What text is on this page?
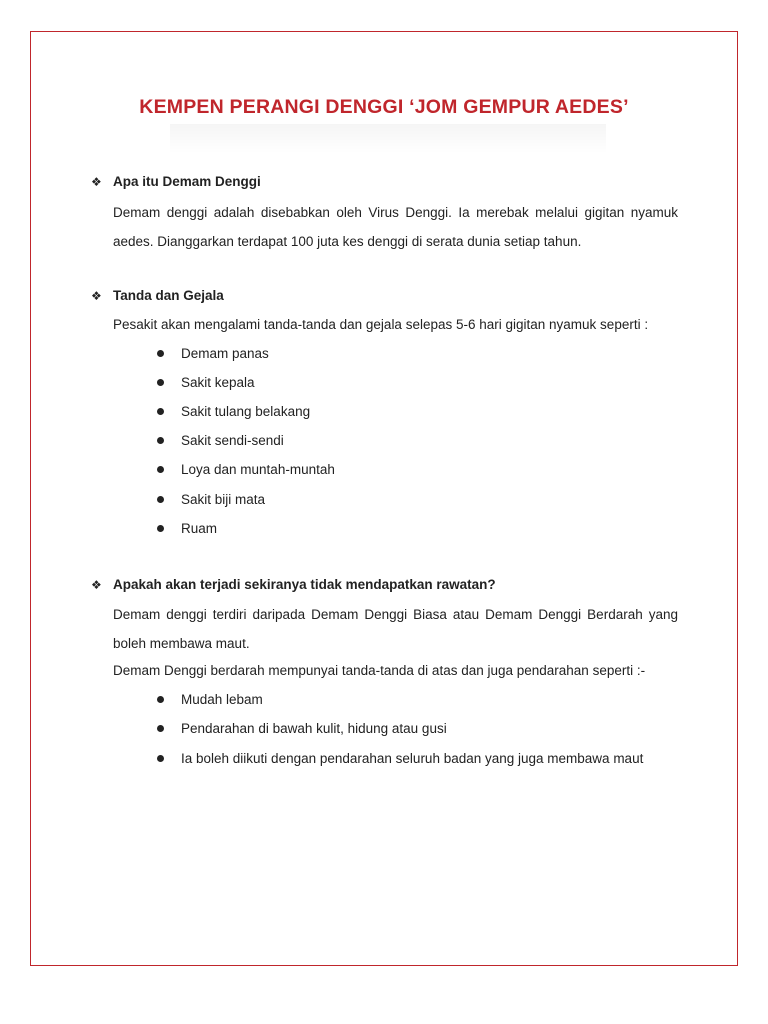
KEMPEN PERANGI DENGGI ‘JOM GEMPUR AEDES’
❖ Apa itu Demam Denggi
Demam denggi adalah disebabkan oleh Virus Denggi. Ia merebak melalui gigitan nyamuk aedes. Dianggarkan terdapat 100 juta kes denggi di serata dunia setiap tahun.
❖ Tanda dan Gejala
Pesakit akan mengalami tanda-tanda dan gejala selepas 5-6 hari gigitan nyamuk seperti :
Demam panas
Sakit kepala
Sakit tulang belakang
Sakit sendi-sendi
Loya dan muntah-muntah
Sakit biji mata
Ruam
❖ Apakah akan terjadi sekiranya tidak mendapatkan rawatan?
Demam denggi terdiri daripada Demam Denggi Biasa atau Demam Denggi Berdarah yang boleh membawa maut.
Demam Denggi berdarah mempunyai tanda-tanda di atas dan juga pendarahan seperti :-
Mudah lebam
Pendarahan di bawah kulit, hidung atau gusi
Ia boleh diikuti dengan pendarahan seluruh badan yang juga membawa maut
